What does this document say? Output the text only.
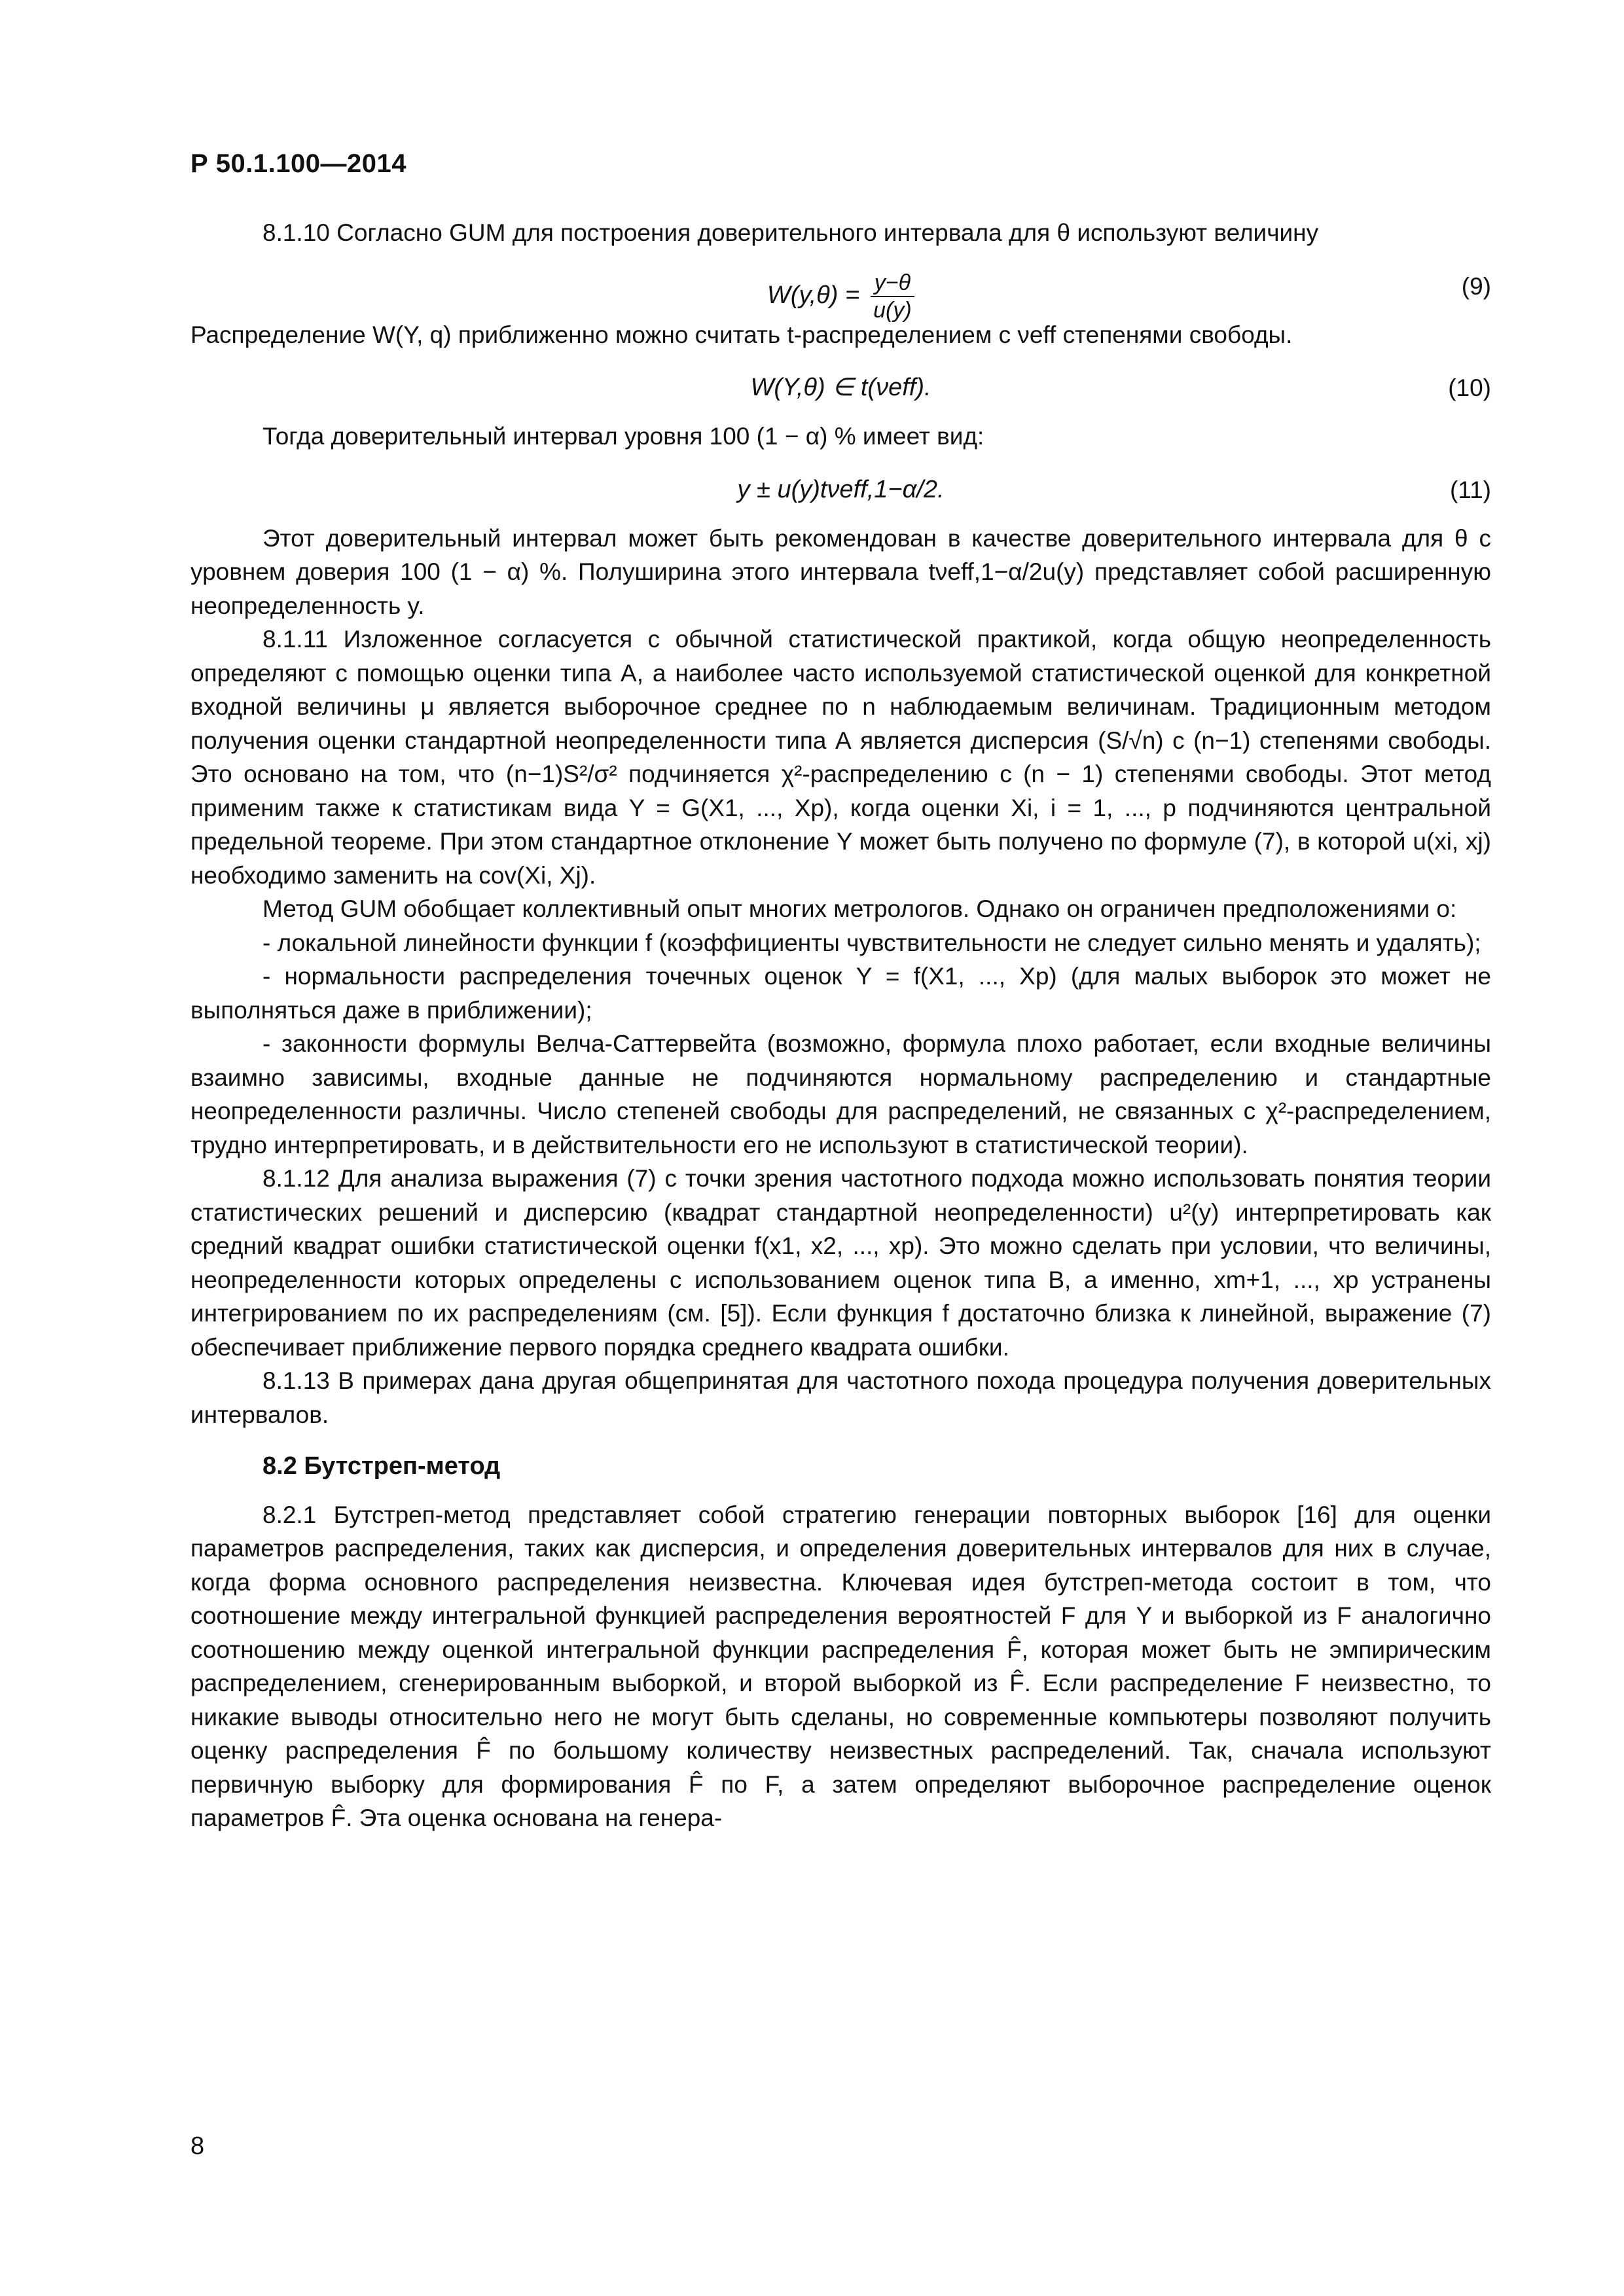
Р 50.1.100—2014

8.1.10 Согласно GUM для построения доверительного интервала для θ используют величину

$W(y,\theta) = \frac{y-\theta}{u(y)}$	(9)

Распределение W(Y, q) приближенно можно считать t-распределением с νeff степенями свободы.

W(Y,θ) ∈ t(νeff).	(10)

Тогда доверительный интервал уровня 100 (1 − α) % имеет вид:

y ± u(y)tνeff,1−α/2.	(11)

Этот доверительный интервал может быть рекомендован в качестве доверительного интервала для θ с уровнем доверия 100 (1 − α) %. Полуширина этого интервала tνeff,1−α/2u(y) представляет собой расширенную неопределенность y.

8.1.11 Изложенное согласуется с обычной статистической практикой, когда общую неопределенность определяют с помощью оценки типа А, а наиболее часто используемой статистической оценкой для конкретной входной величины μ является выборочное среднее по n наблюдаемым величинам. Традиционным методом получения оценки стандартной неопределенности типа А является дисперсия (S/√n) с (n−1) степенями свободы. Это основано на том, что (n−1)S²/σ² подчиняется χ²-распределению с (n − 1) степенями свободы. Этот метод применим также к статистикам вида Y = G(X1, ..., Xp), когда оценки Xi, i = 1, ..., p подчиняются центральной предельной теореме. При этом стандартное отклонение Y может быть получено по формуле (7), в которой u(xi, xj) необходимо заменить на cov(Xi, Xj).

Метод GUM обобщает коллективный опыт многих метрологов. Однако он ограничен предположениями о:

- локальной линейности функции f (коэффициенты чувствительности не следует сильно менять и удалять);

- нормальности распределения точечных оценок Y = f(X1, ..., Xp) (для малых выборок это может не выполняться даже в приближении);

- законности формулы Велча-Саттервейта (возможно, формула плохо работает, если входные величины взаимно зависимы, входные данные не подчиняются нормальному распределению и стандартные неопределенности различны. Число степеней свободы для распределений, не связанных с χ²-распределением, трудно интерпретировать, и в действительности его не используют в статистической теории).

8.1.12 Для анализа выражения (7) с точки зрения частотного подхода можно использовать понятия теории статистических решений и дисперсию (квадрат стандартной неопределенности) u²(y) интерпретировать как средний квадрат ошибки статистической оценки f(x1, x2, ..., xp). Это можно сделать при условии, что величины, неопределенности которых определены с использованием оценок типа В, а именно, xm+1, ..., xp устранены интегрированием по их распределениям (см. [5]). Если функция f достаточно близка к линейной, выражение (7) обеспечивает приближение первого порядка среднего квадрата ошибки.

8.1.13 В примерах дана другая общепринятая для частотного похода процедура получения доверительных интервалов.

8.2 Бутстреп-метод

8.2.1 Бутстреп-метод представляет собой стратегию генерации повторных выборок [16] для оценки параметров распределения, таких как дисперсия, и определения доверительных интервалов для них в случае, когда форма основного распределения неизвестна. Ключевая идея бутстреп-метода состоит в том, что соотношение между интегральной функцией распределения вероятностей F для Y и выборкой из F аналогично соотношению между оценкой интегральной функции распределения F̂, которая может быть не эмпирическим распределением, сгенерированным выборкой, и второй выборкой из F̂. Если распределение F неизвестно, то никакие выводы относительно него не могут быть сделаны, но современные компьютеры позволяют получить оценку распределения F̂ по большому количеству неизвестных распределений. Так, сначала используют первичную выборку для формирования F̂ по F, а затем определяют выборочное распределение оценок параметров F̂. Эта оценка основана на генера-

8
